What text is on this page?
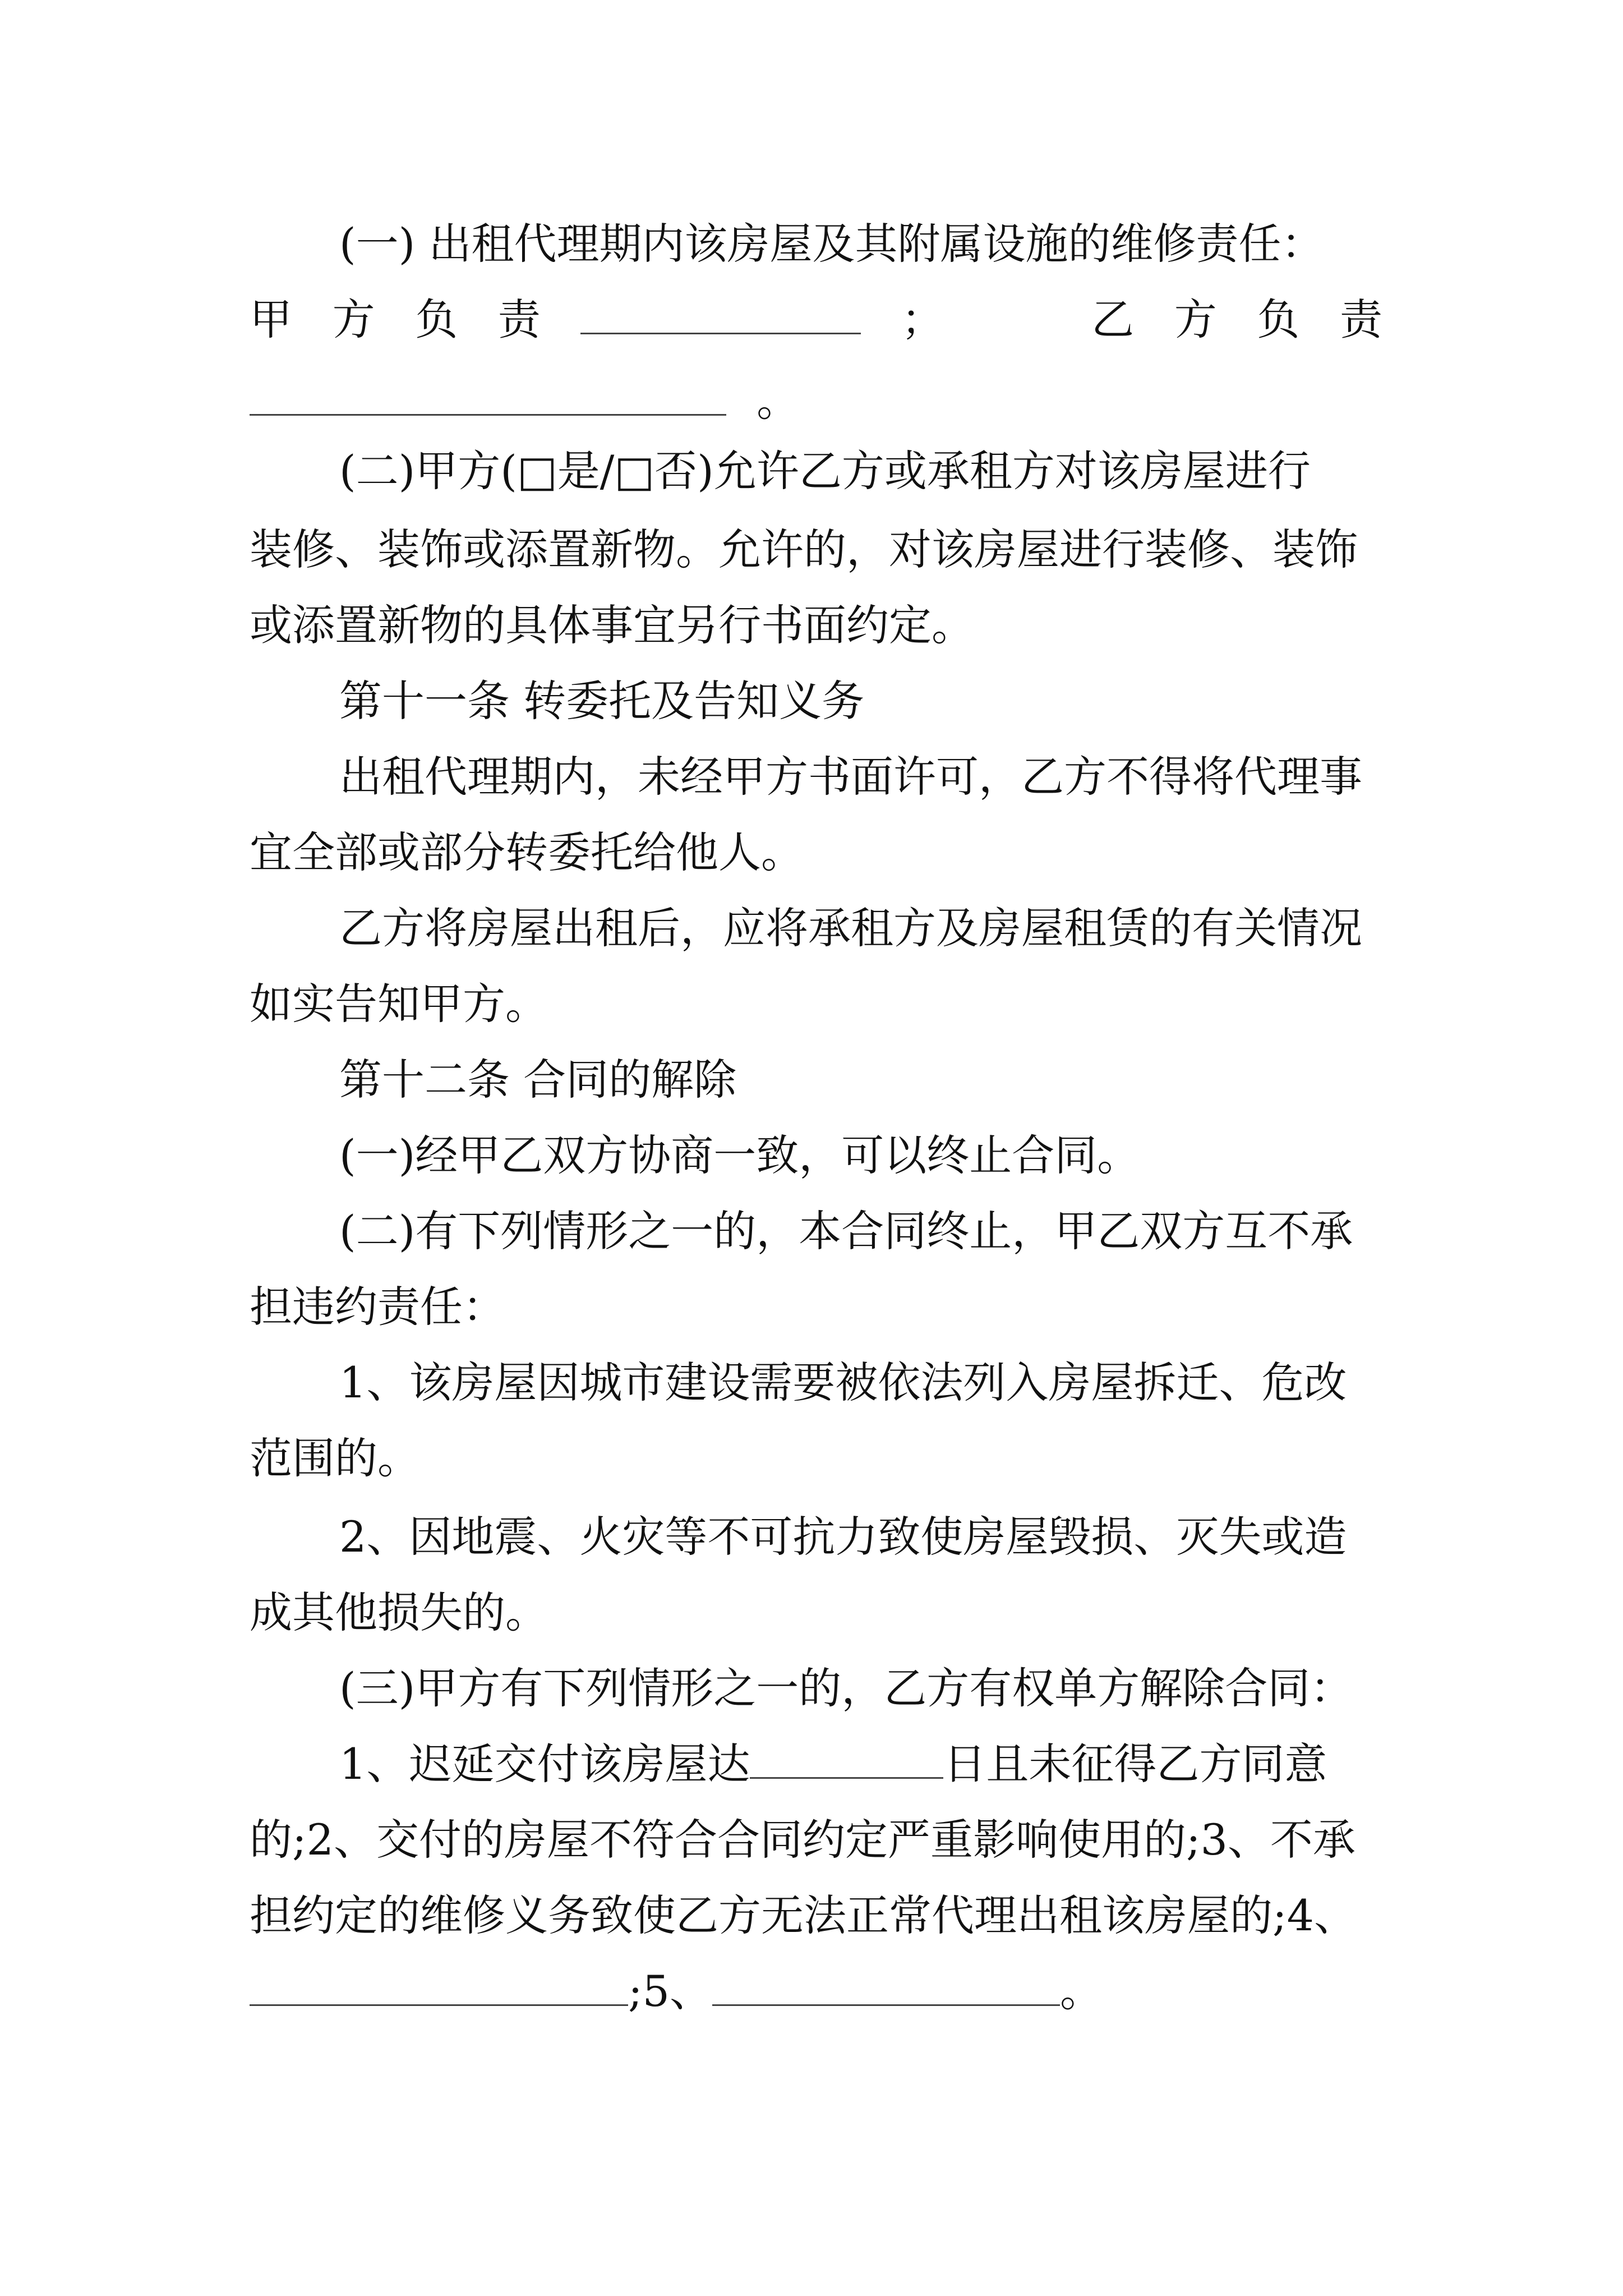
(一) 出租代理期内该房屋及其附属设施的维修责任：
甲 方 负 责	；	乙 方 负 责
。
(二)甲方(□是/□否)允许乙方或承租方对该房屋进行
装修、装饰或添置新物。允许的，对该房屋进行装修、装饰
或添置新物的具体事宜另行书面约定。
第十一条 转委托及告知义务
出租代理期内，未经甲方书面许可，乙方不得将代理事
宜全部或部分转委托给他人。
乙方将房屋出租后，应将承租方及房屋租赁的有关情况
如实告知甲方。
第十二条 合同的解除
(一)经甲乙双方协商一致，可以终止合同。
(二)有下列情形之一的，本合同终止，甲乙双方互不承
担违约责任：
1、该房屋因城市建设需要被依法列入房屋拆迁、危改
范围的。
2、因地震、火灾等不可抗力致使房屋毁损、灭失或造
成其他损失的。
(三)甲方有下列情形之一的，乙方有权单方解除合同：
1、迟延交付该房屋达	日且未征得乙方同意
的;2、交付的房屋不符合合同约定严重影响使用的;3、不承
担约定的维修义务致使乙方无法正常代理出租该房屋的;4、
;5、	。
